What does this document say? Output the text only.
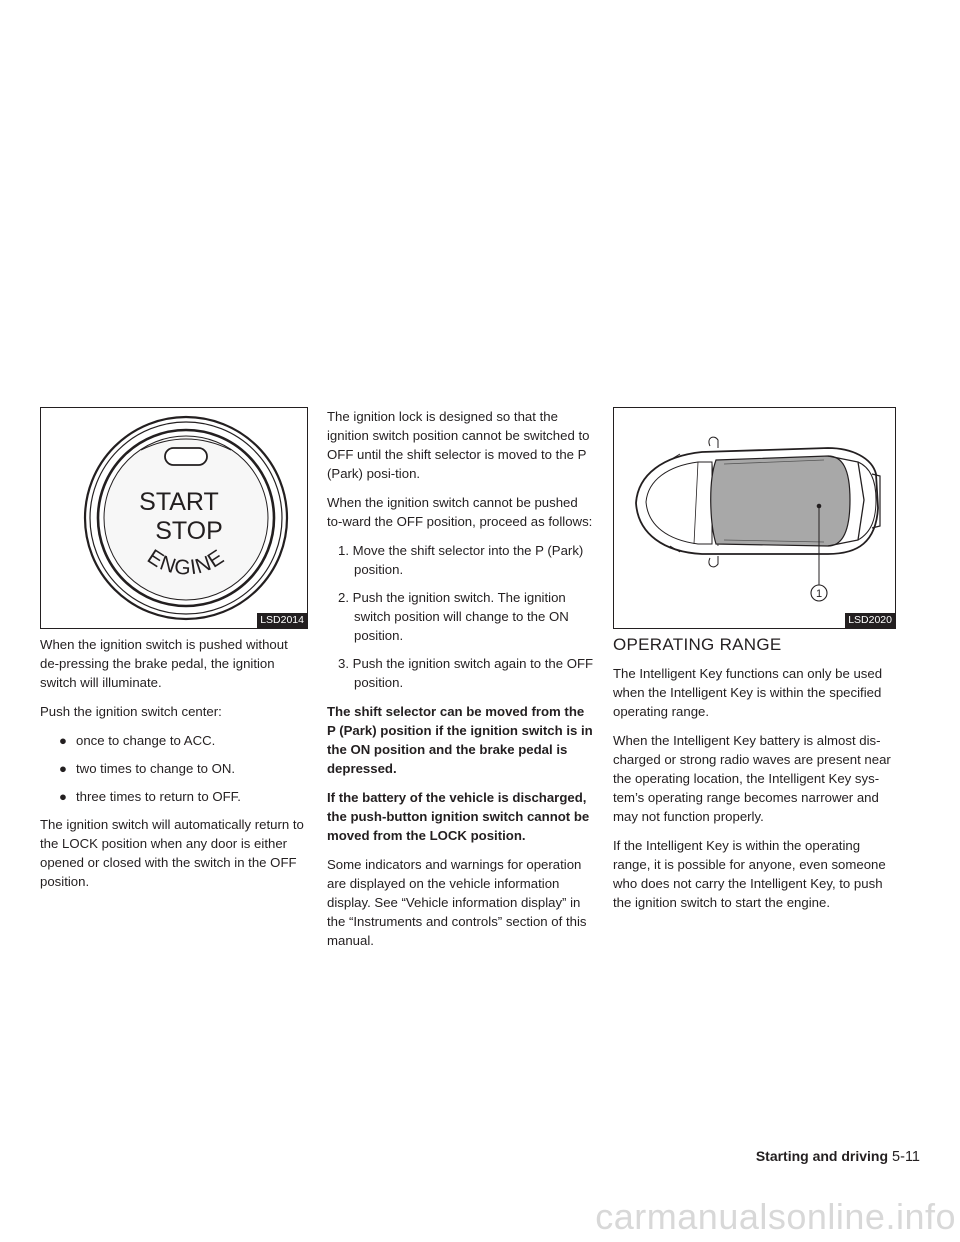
START
STOP
ENGINE
LSD2014

When the ignition switch is pushed without de-pressing the brake pedal, the ignition switch will illuminate.

Push the ignition switch center:

● once to change to ACC.
● two times to change to ON.
● three times to return to OFF.

The ignition switch will automatically return to the LOCK position when any door is either opened or closed with the switch in the OFF position.

The ignition lock is designed so that the ignition switch position cannot be switched to OFF until the shift selector is moved to the P (Park) posi-tion.

When the ignition switch cannot be pushed to-ward the OFF position, proceed as follows:

1. Move the shift selector into the P (Park) position.
2. Push the ignition switch. The ignition switch position will change to the ON position.
3. Push the ignition switch again to the OFF position.

The shift selector can be moved from the P (Park) position if the ignition switch is in the ON position and the brake pedal is depressed.

If the battery of the vehicle is discharged, the push-button ignition switch cannot be moved from the LOCK position.

Some indicators and warnings for operation are displayed on the vehicle information display. See “Vehicle information display” in the “Instruments and controls” section of this manual.

1
LSD2020
OPERATING RANGE

The Intelligent Key functions can only be used when the Intelligent Key is within the specified operating range.

When the Intelligent Key battery is almost dis-charged or strong radio waves are present near the operating location, the Intelligent Key sys-tem’s operating range becomes narrower and may not function properly.

If the Intelligent Key is within the operating range, it is possible for anyone, even someone who does not carry the Intelligent Key, to push the ignition switch to start the engine.

Starting and driving 5-11
carmanualsonline.info
